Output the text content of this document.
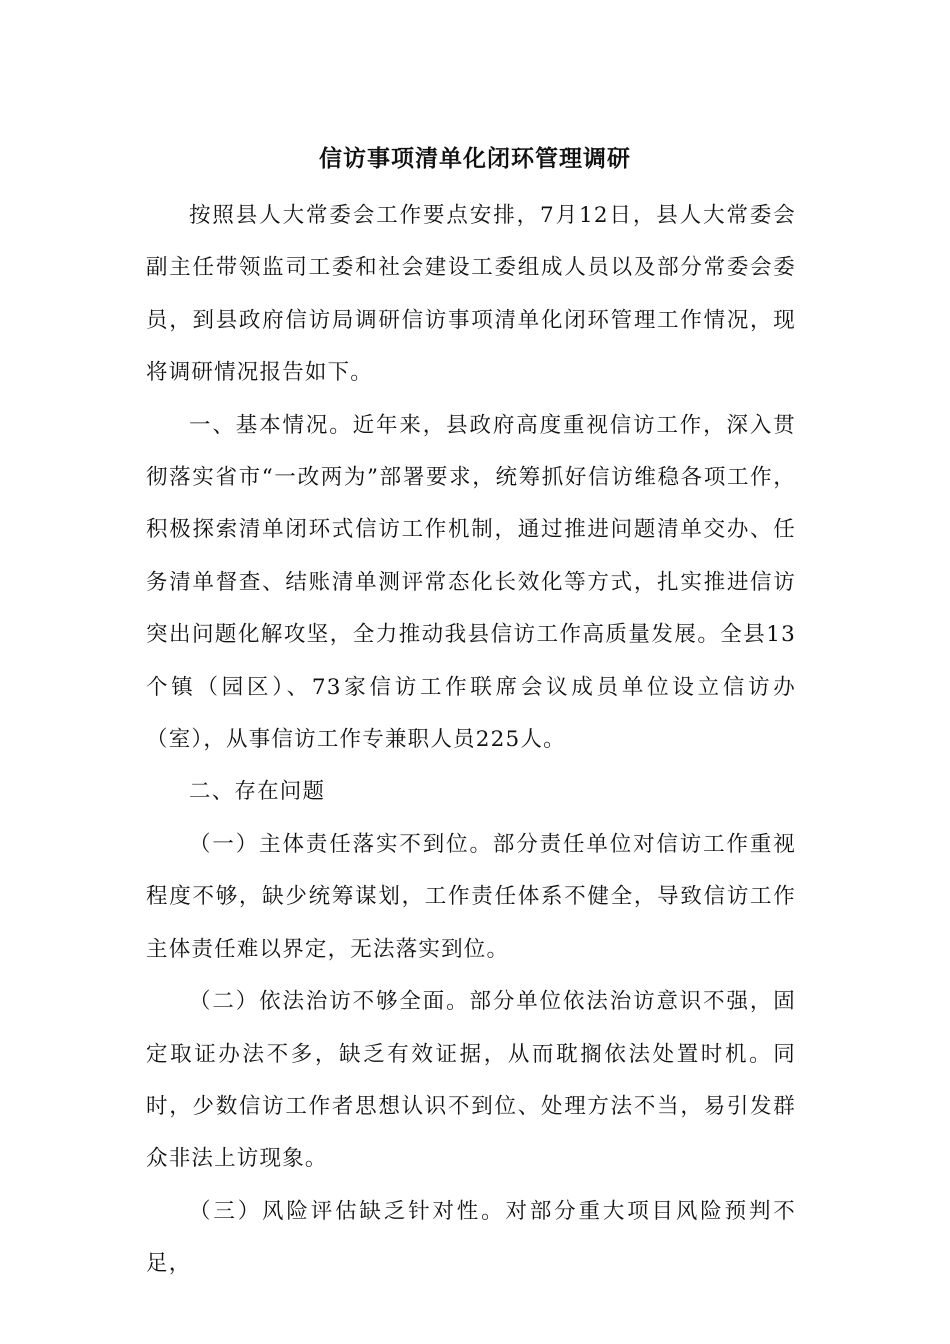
信访事项清单化闭环管理调研

按照县人大常委会工作要点安排，7月12日，县人大常委会副主任带领监司工委和社会建设工委组成人员以及部分常委会委员，到县政府信访局调研信访事项清单化闭环管理工作情况，现将调研情况报告如下。

一、基本情况。近年来，县政府高度重视信访工作，深入贯彻落实省市“一改两为”部署要求，统筹抓好信访维稳各项工作，积极探索清单闭环式信访工作机制，通过推进问题清单交办、任务清单督查、结账清单测评常态化长效化等方式，扎实推进信访突出问题化解攻坚，全力推动我县信访工作高质量发展。全县13个镇（园区）、73家信访工作联席会议成员单位设立信访办（室），从事信访工作专兼职人员225人。

二、存在问题

（一）主体责任落实不到位。部分责任单位对信访工作重视程度不够，缺少统筹谋划，工作责任体系不健全，导致信访工作主体责任难以界定，无法落实到位。

（二）依法治访不够全面。部分单位依法治访意识不强，固定取证办法不多，缺乏有效证据，从而耽搁依法处置时机。同时，少数信访工作者思想认识不到位、处理方法不当，易引发群众非法上访现象。

（三）风险评估缺乏针对性。对部分重大项目风险预判不足，
